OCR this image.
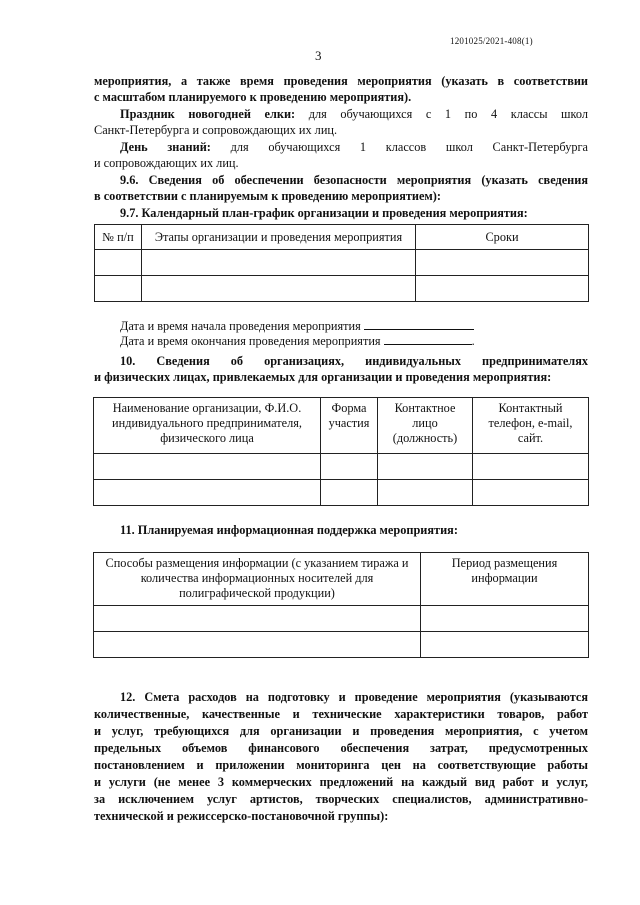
1201025/2021-408(1)
3
мероприятия, а также время проведения мероприятия (указать в соответствии
с масштабом планируемого к проведению мероприятия).
Праздник новогодней елки: для обучающихся с 1 по 4 классы школ
Санкт-Петербурга и сопровождающих их лиц.
День знаний: для обучающихся 1 классов школ Санкт-Петербурга
и сопровождающих их лиц.
9.6. Сведения об обеспечении безопасности мероприятия (указать сведения
в соответствии с планируемым к проведению мероприятием):
9.7. Календарный план-график организации и проведения мероприятия:
№ п/п	Этапы организации и проведения мероприятия	Сроки

Дата и время начала проведения мероприятия
Дата и время окончания проведения мероприятия	.
10. Сведения об организациях, индивидуальных предпринимателях
и физических лицах, привлекаемых для организации и проведения мероприятия:
Наименование организации, Ф.И.О. индивидуального предпринимателя, физического лица	Форма участия	Контактное лицо (должность)	Контактный телефон, e-mail, сайт.

11. Планируемая информационная поддержка мероприятия:
Способы размещения информации (с указанием тиража и количества информационных носителей для полиграфической продукции)	Период размещения информации

12. Смета расходов на подготовку и проведение мероприятия (указываются
количественные, качественные и технические характеристики товаров, работ
и услуг, требующихся для организации и проведения мероприятия, с учетом
предельных объемов финансового обеспечения затрат, предусмотренных
постановлением и приложении мониторинга цен на соответствующие работы
и услуги (не менее 3 коммерческих предложений на каждый вид работ и услуг,
за исключением услуг артистов, творческих специалистов, административно-
технической и режиссерско-постановочной группы):
